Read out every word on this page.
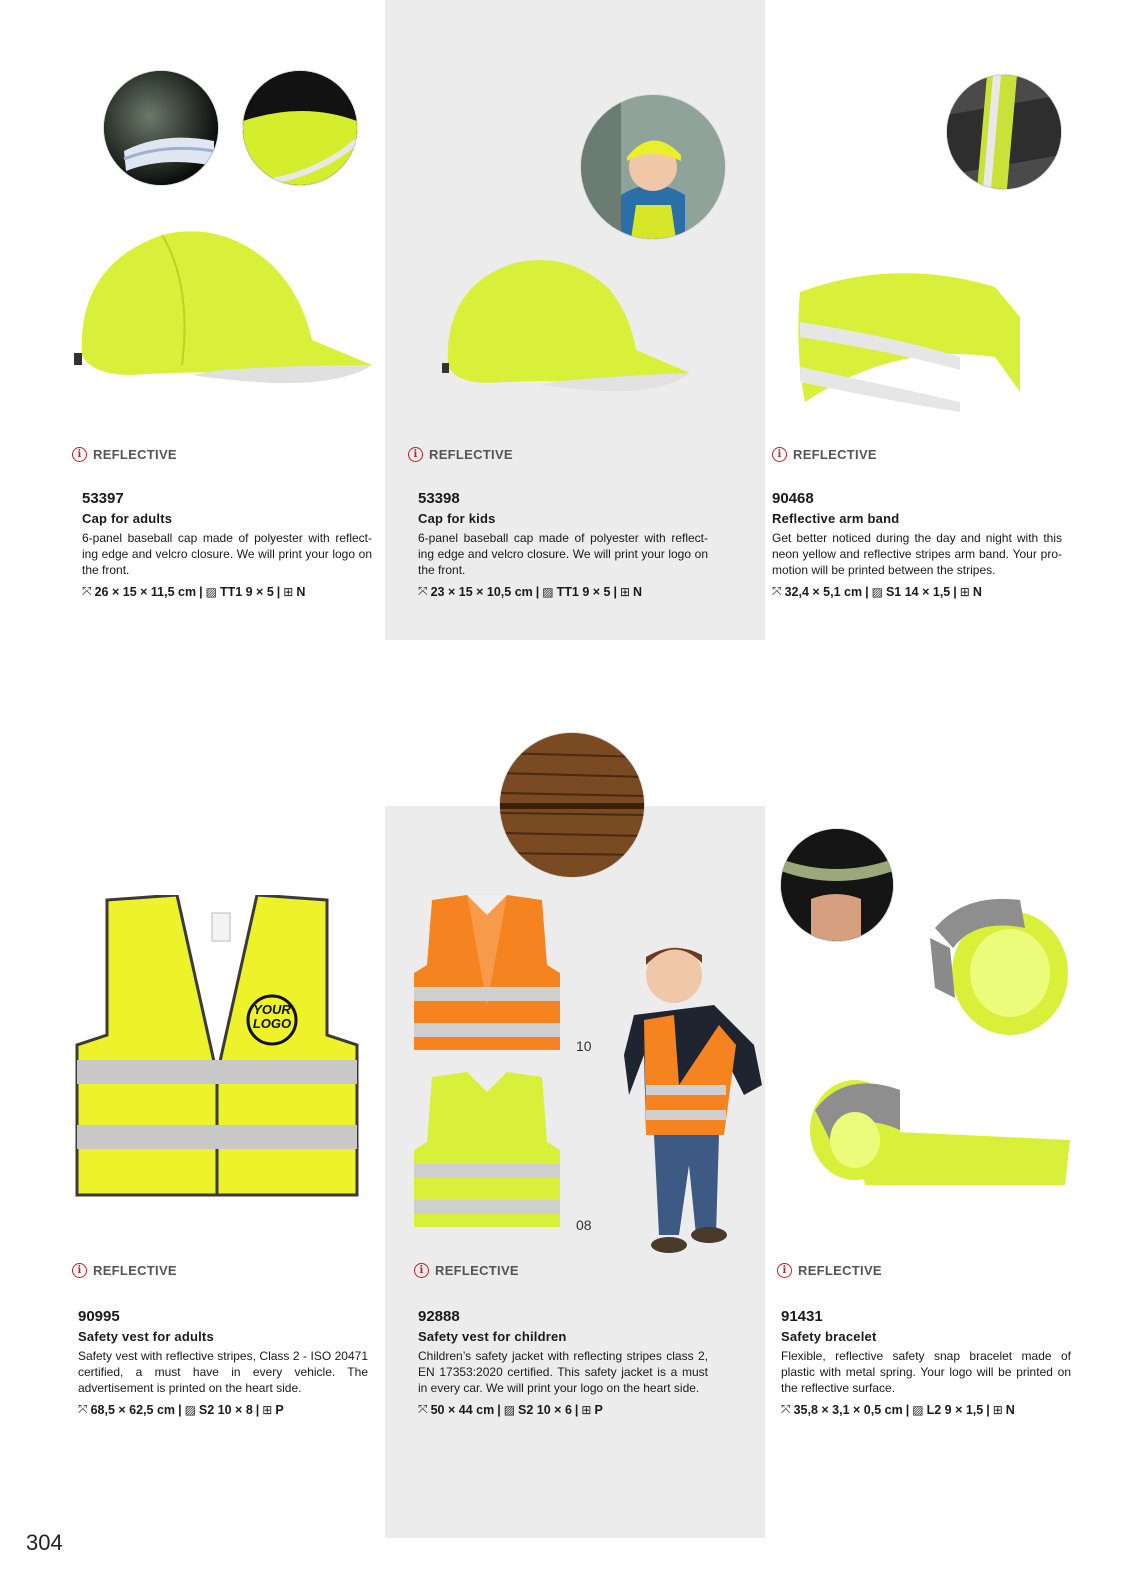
i REFLECTIVE	i REFLECTIVE	i REFLECTIVE

53397

Cap for adults

6-panel baseball cap made of polyester with reflect-ing edge and velcro closure. We will print your logo on the front.

⤧ 26 × 15 × 11,5 cm | ▨ TT1 9 × 5 | ⊞ N

53398

Cap for kids

6-panel baseball cap made of polyester with reflect-ing edge and velcro closure. We will print your logo on the front.

⤧ 23 × 15 × 10,5 cm | ▨ TT1 9 × 5 | ⊞ N

90468

Reflective arm band

Get better noticed during the day and night with this neon yellow and reflective stripes arm band. Your pro-motion will be printed between the stripes.

⤧ 32,4 × 5,1 cm | ▨ S1 14 × 1,5 | ⊞ N
YOUR
LOGO
10
08
i REFLECTIVE	i REFLECTIVE	i REFLECTIVE

90995

Safety vest for adults

Safety vest with reflective stripes, Class 2 - ISO 20471 certified, a must have in every vehicle. The advertisement is printed on the heart side.

⤧ 68,5 × 62,5 cm | ▨ S2 10 × 8 | ⊞ P

92888

Safety vest for children

Children’s safety jacket with reflecting stripes class 2, EN 17353:2020 certified. This safety jacket is a must in every car. We will print your logo on the heart side.

⤧ 50 × 44 cm | ▨ S2 10 × 6 | ⊞ P

91431

Safety bracelet

Flexible, reflective safety snap bracelet made of plastic with metal spring. Your logo will be printed on the reflective surface.

⤧ 35,8 × 3,1 × 0,5 cm | ▨ L2 9 × 1,5 | ⊞ N
304
